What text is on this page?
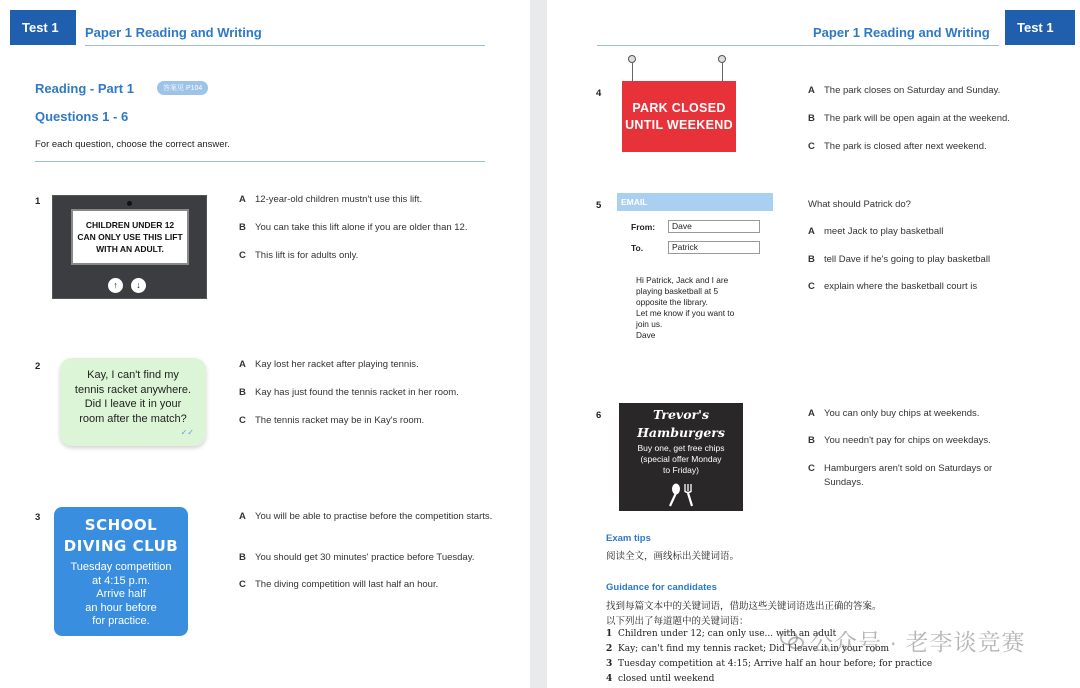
Test 1	Paper 1 Reading and Writing
Reading - Part 1	答案见 P104
Questions 1 - 6
For each question, choose the correct answer.
Test 1
Paper 1 Reading and Writing
1
CHILDREN UNDER 12 CAN ONLY USE THIS LIFT WITH AN ADULT.
↑	↓
A 12-year-old children mustn't use this lift.
B You can take this lift alone if you are older than 12.
C This lift is for adults only.
2
Kay, I can't find my
tennis racket anywhere.
Did I leave it in your
room after the match?
✓✓
A Kay lost her racket after playing tennis.
B Kay has just found the tennis racket in her room.
C The tennis racket may be in Kay's room.
3	SCHOOL
DIVING CLUB
Tuesday competition
at 4:15 p.m.
Arrive half
an hour before
for practice.
A You will be able to practise before the competition starts.
B You should get 30 minutes' practice before Tuesday.
C The diving competition will last half an hour.
4
PARK CLOSED
UNTIL WEEKEND
A The park closes on Saturday and Sunday.
B The park will be open again at the weekend.
C The park is closed after next weekend.
5	EMAIL
From:	Dave
To.	Patrick
Hi Patrick, Jack and I are
playing basketball at 5
opposite the library.
Let me know if you want to
join us.
Dave
What should Patrick do?
A meet Jack to play basketball
B tell Dave if he's going to play basketball
C explain where the basketball court is
6	Trevor's
Hamburgers
Buy one, get free chips
(special offer Monday
to Friday)
A You can only buy chips at weekends.
B You needn't pay for chips on weekdays.
C Hamburgers aren't sold on Saturdays or Sundays.
Exam tips
阅读全文，画线标出关键词语。
Guidance for candidates
找到每篇文本中的关键词语，借助这些关键词语选出正确的答案。
以下列出了每道题中的关键词语：
1 Children under 12; can only use... with an adult
2 Kay; can't find my tennis racket; Did I leave it in your room
3 Tuesday competition at 4:15; Arrive half an hour before; for practice
4 closed until weekend
公众号 · 老李谈竞赛
